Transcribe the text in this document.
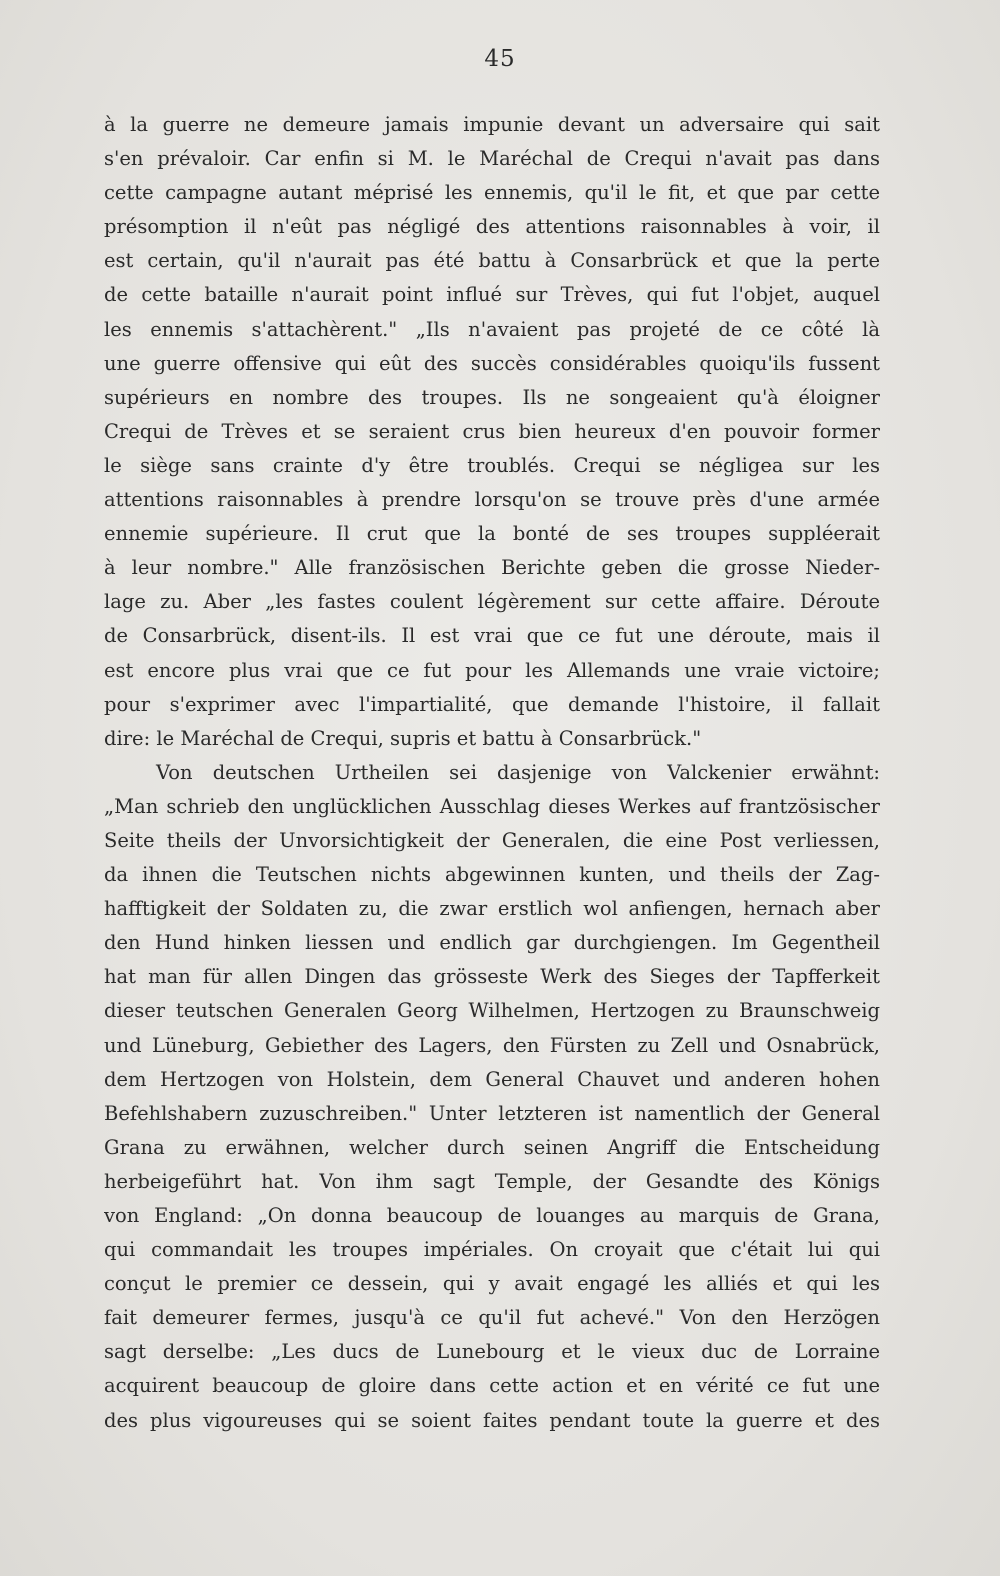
45
à la guerre ne demeure jamais impunie devant un adversaire qui sait
s'en prévaloir. Car enfin si M. le Maréchal de Crequi n'avait pas dans
cette campagne autant méprisé les ennemis, qu'il le fit, et que par cette
présomption il n'eût pas négligé des attentions raisonnables à voir, il
est certain, qu'il n'aurait pas été battu à Consarbrück et que la perte
de cette bataille n'aurait point influé sur Trèves, qui fut l'objet, auquel
les ennemis s'attachèrent." „Ils n'avaient pas projeté de ce côté là
une guerre offensive qui eût des succès considérables quoiqu'ils fussent
supérieurs en nombre des troupes. Ils ne songeaient qu'à éloigner
Crequi de Trèves et se seraient crus bien heureux d'en pouvoir former
le siège sans crainte d'y être troublés. Crequi se négligea sur les
attentions raisonnables à prendre lorsqu'on se trouve près d'une armée
ennemie supérieure. Il crut que la bonté de ses troupes suppléerait
à leur nombre." Alle französischen Berichte geben die grosse Nieder-
lage zu. Aber „les fastes coulent légèrement sur cette affaire. Déroute
de Consarbrück, disent-ils. Il est vrai que ce fut une déroute, mais il
est encore plus vrai que ce fut pour les Allemands une vraie victoire;
pour s'exprimer avec l'impartialité, que demande l'histoire, il fallait
dire: le Maréchal de Crequi, supris et battu à Consarbrück."
Von deutschen Urtheilen sei dasjenige von Valckenier erwähnt:
„Man schrieb den unglücklichen Ausschlag dieses Werkes auf frantzösischer
Seite theils der Unvorsichtigkeit der Generalen, die eine Post verliessen,
da ihnen die Teutschen nichts abgewinnen kunten, und theils der Zag-
hafftigkeit der Soldaten zu, die zwar erstlich wol anfiengen, hernach aber
den Hund hinken liessen und endlich gar durchgiengen. Im Gegentheil
hat man für allen Dingen das grösseste Werk des Sieges der Tapfferkeit
dieser teutschen Generalen Georg Wilhelmen, Hertzogen zu Braunschweig
und Lüneburg, Gebiether des Lagers, den Fürsten zu Zell und Osnabrück,
dem Hertzogen von Holstein, dem General Chauvet und anderen hohen
Befehlshabern zuzuschreiben." Unter letzteren ist namentlich der General
Grana zu erwähnen, welcher durch seinen Angriff die Entscheidung
herbeigeführt hat. Von ihm sagt Temple, der Gesandte des Königs
von England: „On donna beaucoup de louanges au marquis de Grana,
qui commandait les troupes impériales. On croyait que c'était lui qui
conçut le premier ce dessein, qui y avait engagé les alliés et qui les
fait demeurer fermes, jusqu'à ce qu'il fut achevé." Von den Herzögen
sagt derselbe: „Les ducs de Lunebourg et le vieux duc de Lorraine
acquirent beaucoup de gloire dans cette action et en vérité ce fut une
des plus vigoureuses qui se soient faites pendant toute la guerre et des
